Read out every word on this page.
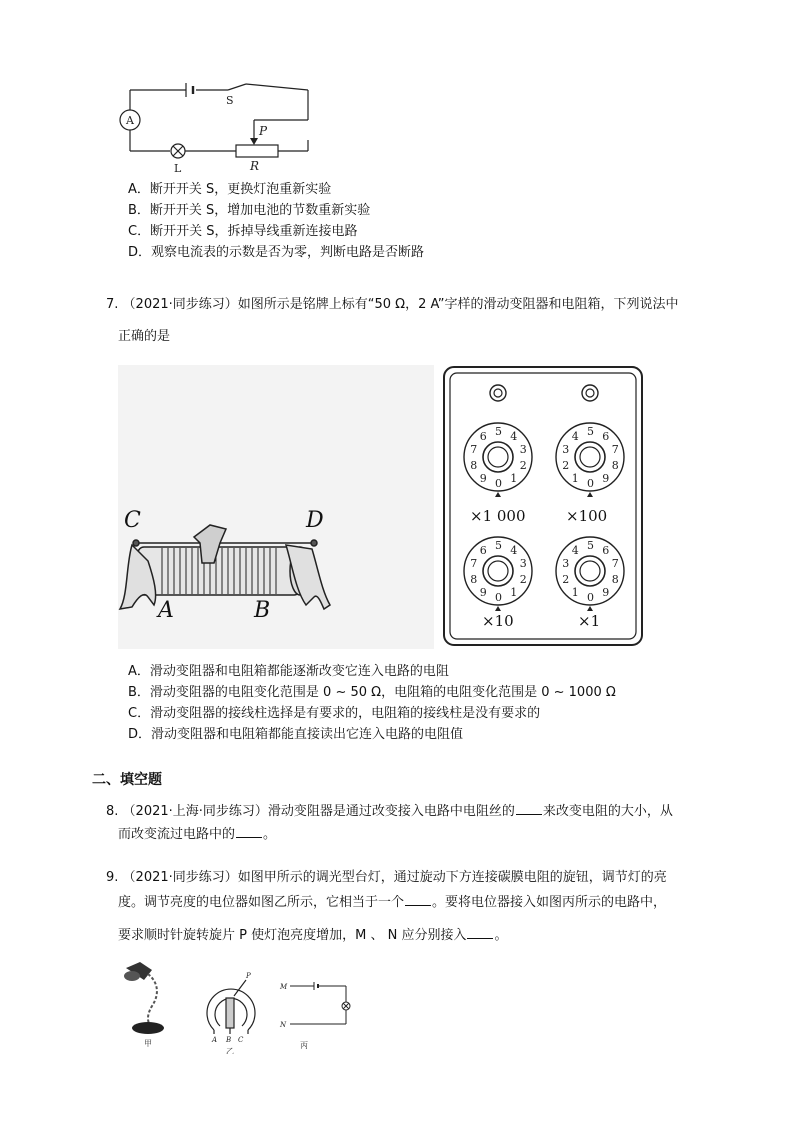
A
S
P
L	R
A．断开开关 S，更换灯泡重新实验
B．断开开关 S，增加电池的节数重新实验
C．断开开关 S，拆掉导线重新连接电路
D．观察电流表的示数是否为零，判断电路是否断路
7. （2021·同步练习）如图所示是铭牌上标有“50 Ω，2 A”字样的滑动变阻器和电阻箱，下列说法中
正确的是
C	D
A	B
0 1
2
3
4
5
6
7
8
9	0
1
2
3
4 5 6
7
8
9
0 1
2
3
4
5
6
7
8
9	0
1
2
3
4 5 6
7
8
9
×1 000	×100
×10	×1
A．滑动变阻器和电阻箱都能逐渐改变它连入电路的电阻
B．滑动变阻器的电阻变化范围是 0 ~ 50 Ω，电阻箱的电阻变化范围是 0 ~ 1000 Ω
C．滑动变阻器的接线柱选择是有要求的，电阻箱的接线柱是没有要求的
D．滑动变阻器和电阻箱都能直接读出它连入电路的电阻值
二、填空题
8. （2021·上海·同步练习）滑动变阻器是通过改变接入电路中电阻丝的 来改变电阻的大小，从
而改变流过电路中的 。
9. （2021·同步练习）如图甲所示的调光型台灯，通过旋动下方连接碳膜电阻的旋钮，调节灯的亮
度。调节亮度的电位器如图乙所示，它相当于一个 。要将电位器接入如图丙所示的电路中，
要求顺时针旋转旋片 P 使灯泡亮度增加，M 、 N 应分别接入 。
甲
P
A B C
乙
M
N
丙
